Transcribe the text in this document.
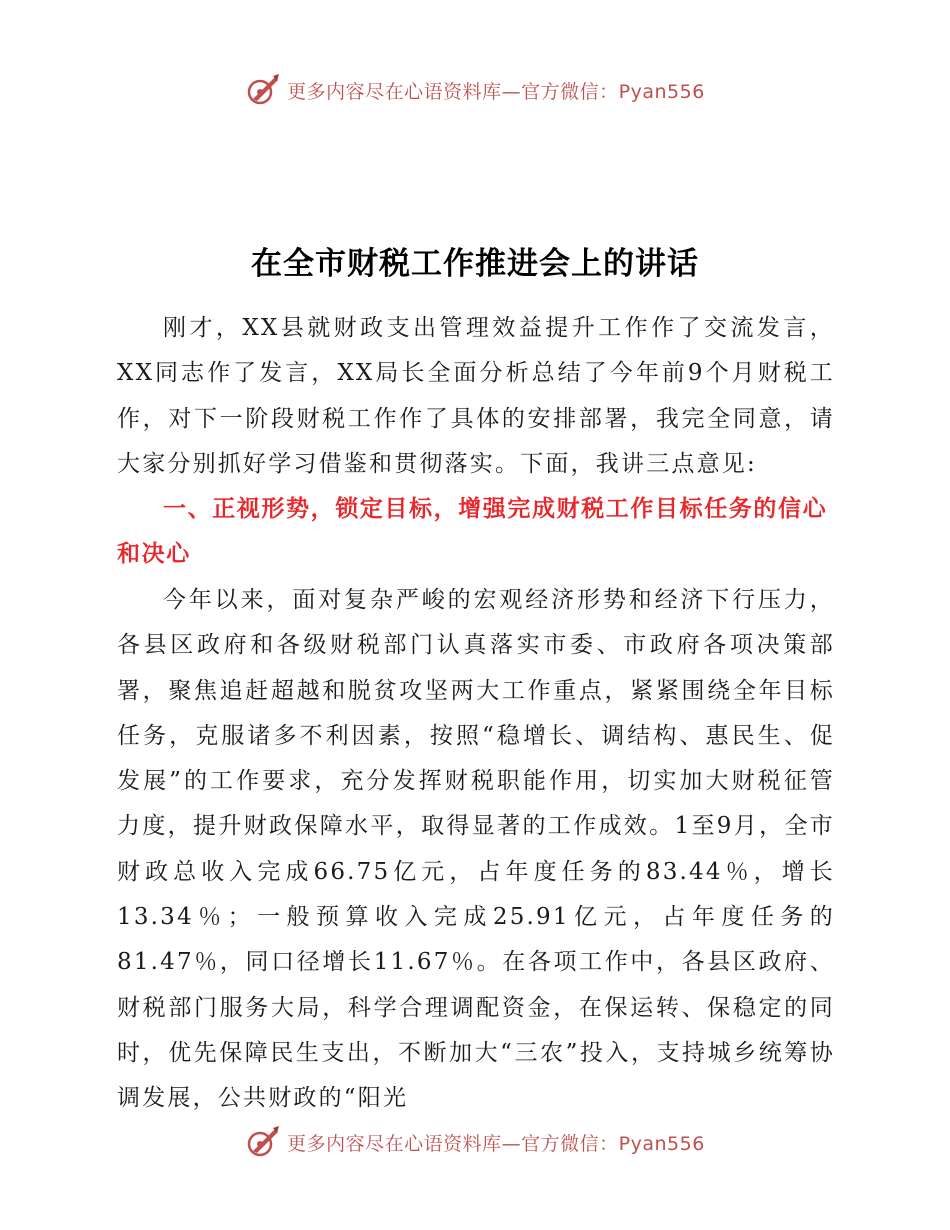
更多内容尽在心语资料库—官方微信：Pyan556
在全市财税工作推进会上的讲话
刚才，XX县就财政支出管理效益提升工作作了交流发言，XX同志作了发言，XX局长全面分析总结了今年前9个月财税工作，对下一阶段财税工作作了具体的安排部署，我完全同意，请大家分别抓好学习借鉴和贯彻落实。下面，我讲三点意见:
一、正视形势，锁定目标，增强完成财税工作目标任务的信心和决心
今年以来，面对复杂严峻的宏观经济形势和经济下行压力，各县区政府和各级财税部门认真落实市委、市政府各项决策部署，聚焦追赶超越和脱贫攻坚两大工作重点，紧紧围绕全年目标任务，克服诸多不利因素，按照“稳增长、调结构、惠民生、促发展”的工作要求，充分发挥财税职能作用，切实加大财税征管力度，提升财政保障水平，取得显著的工作成效。1至9月，全市财政总收入完成66.75亿元，占年度任务的83.44％，增长13.34％；一般预算收入完成25.91亿元，占年度任务的81.47％，同口径增长11.67％。在各项工作中，各县区政府、财税部门服务大局，科学合理调配资金，在保运转、保稳定的同时，优先保障民生支出，不断加大“三农”投入，支持城乡统筹协调发展，公共财政的“阳光
更多内容尽在心语资料库—官方微信：Pyan556
